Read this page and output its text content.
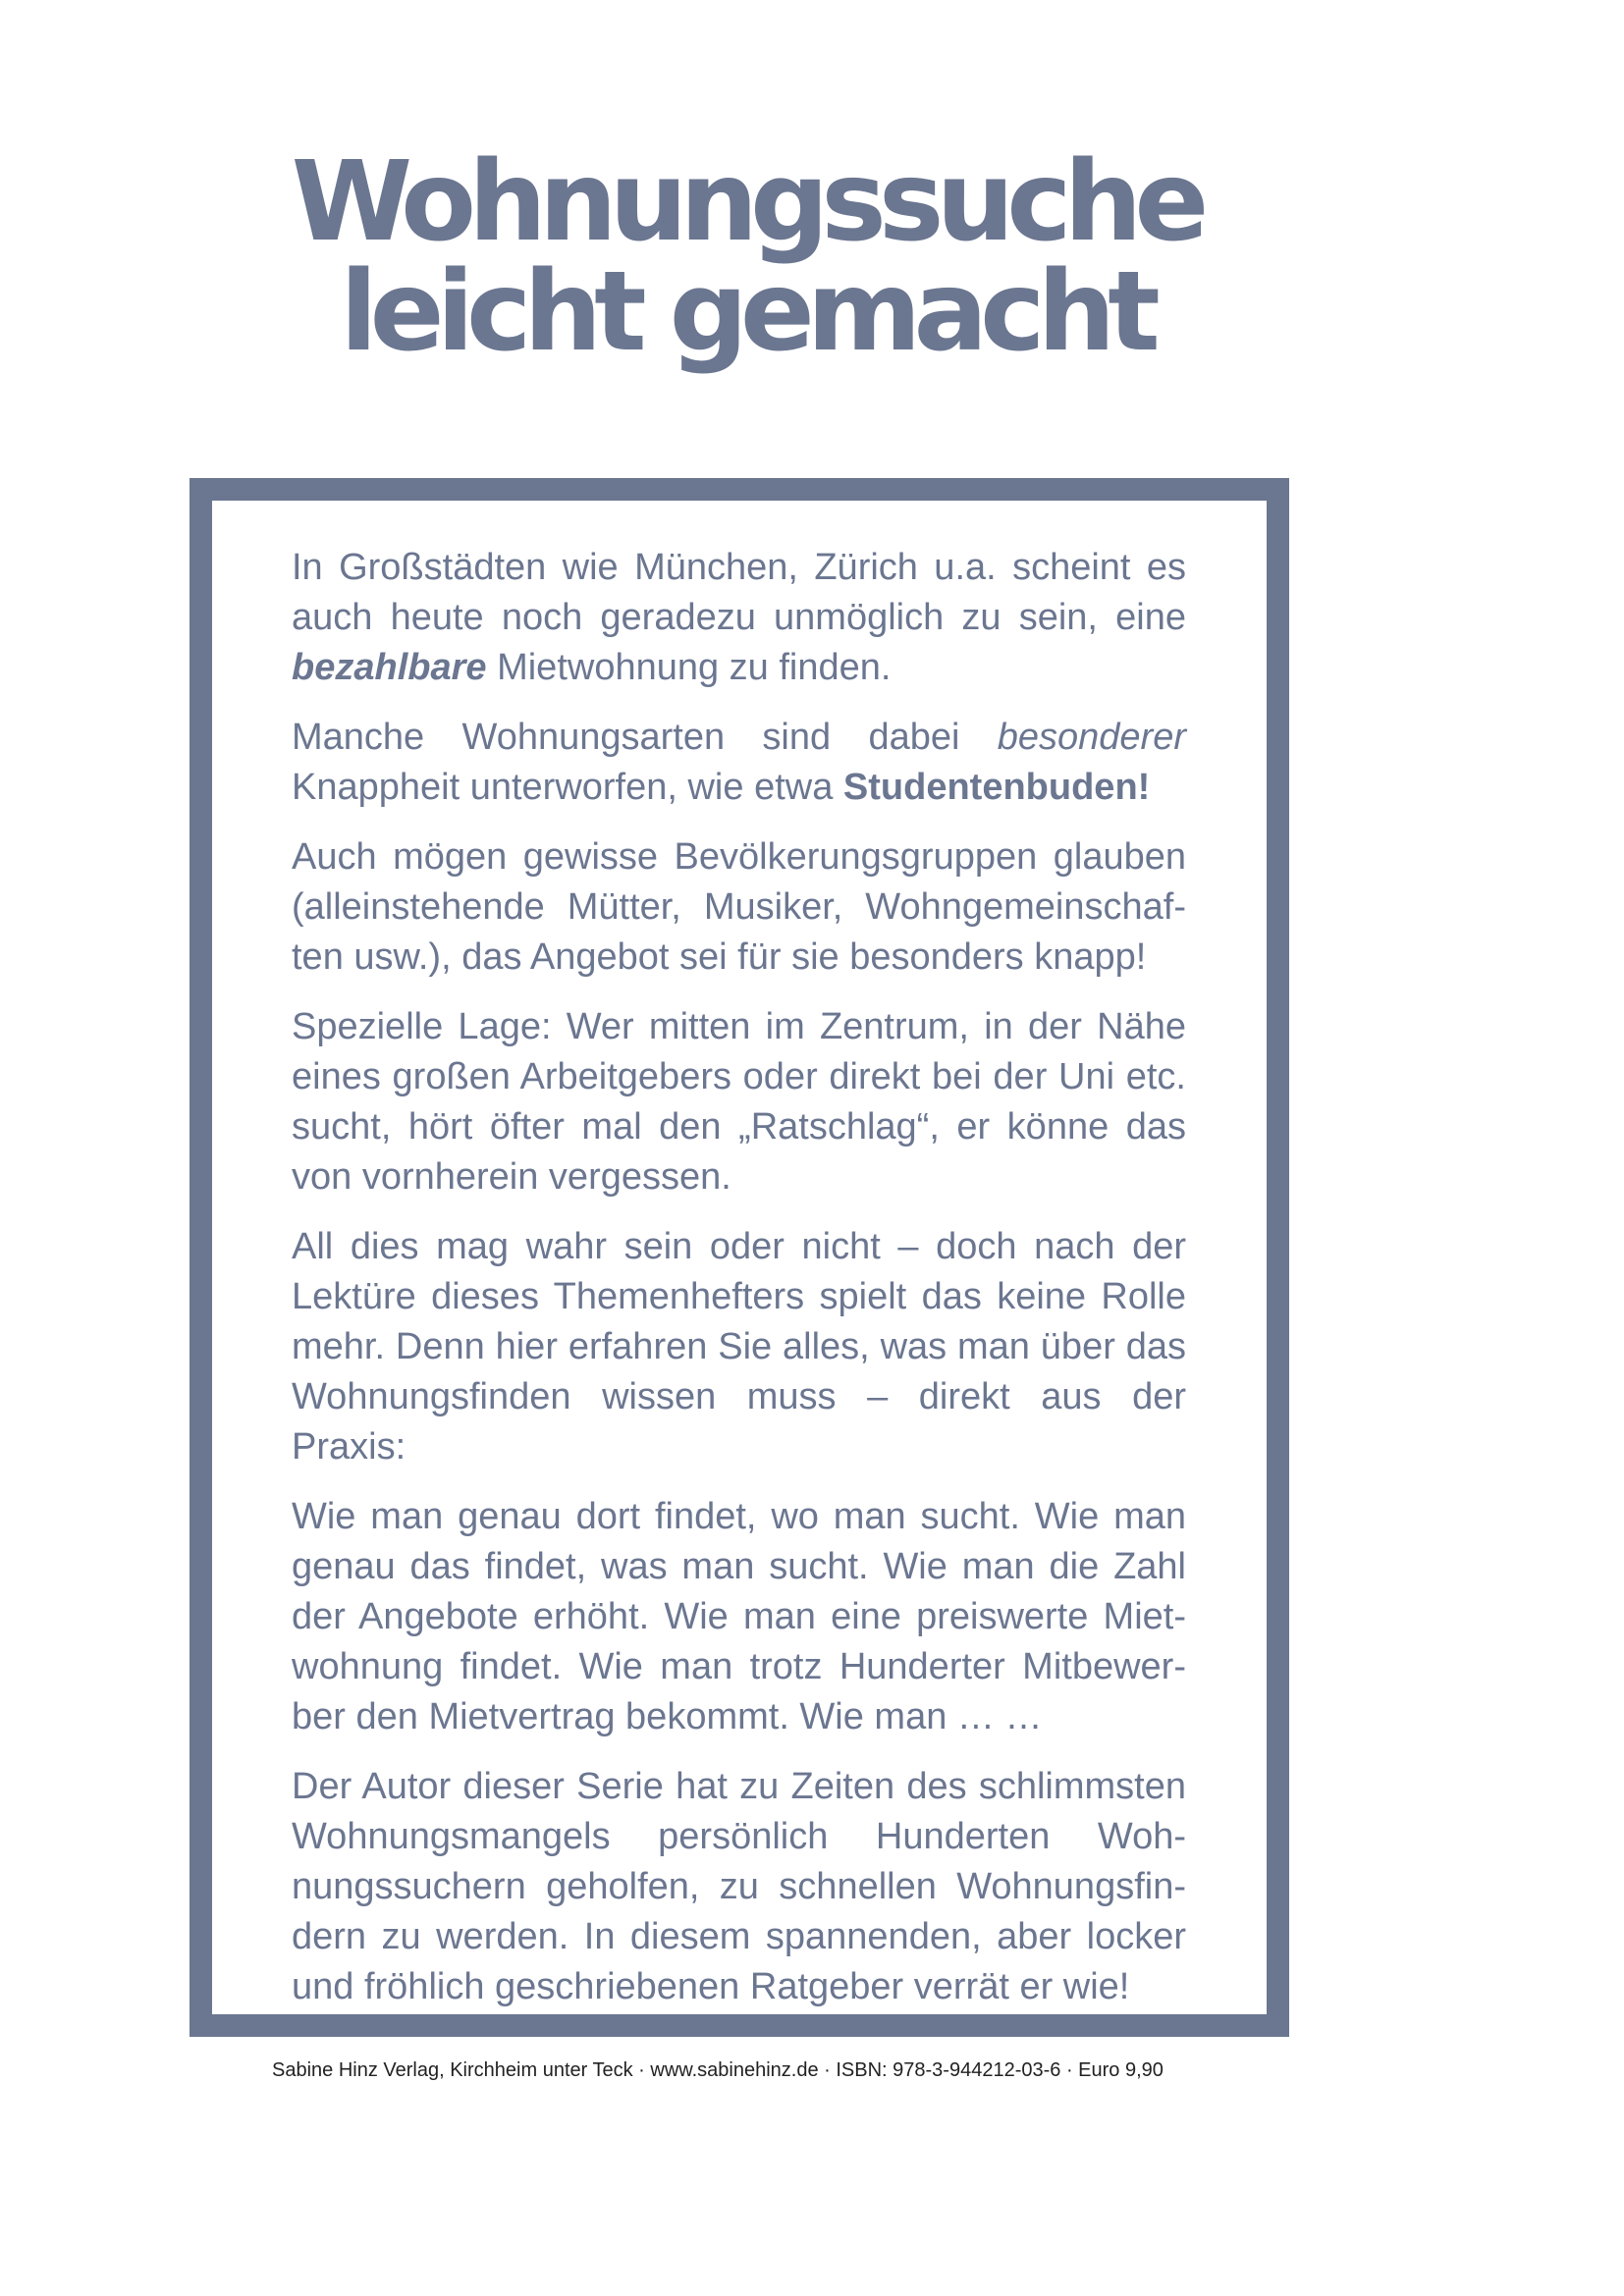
Wohnungssuche
leicht gemacht

In Großstädten wie München, Zürich u.a. scheint es auch heute noch geradezu unmöglich zu sein, eine bezahlbare Mietwohnung zu finden.

Manche Wohnungsarten sind dabei besonderer Knappheit unterworfen, wie etwa Studentenbuden!

Auch mögen gewisse Bevölkerungsgruppen glauben (alleinstehende Mütter, Musiker, Wohngemeinschaften usw.), das Angebot sei für sie besonders knapp!

Spezielle Lage: Wer mitten im Zentrum, in der Nähe eines großen Arbeitgebers oder direkt bei der Uni etc. sucht, hört öfter mal den „Ratschlag“, er könne das von vornherein vergessen.

All dies mag wahr sein oder nicht – doch nach der Lektüre dieses Themenhefters spielt das keine Rolle mehr. Denn hier erfahren Sie alles, was man über das Wohnungsfinden wissen muss – direkt aus der Praxis:

Wie man genau dort findet, wo man sucht. Wie man genau das findet, was man sucht. Wie man die Zahl der Angebote erhöht. Wie man eine preiswerte Mietwohnung findet. Wie man trotz Hunderter Mitbewerber den Mietvertrag bekommt. Wie man … …

Der Autor dieser Serie hat zu Zeiten des schlimmsten Wohnungsmangels persönlich Hunderten Wohnungssuchern geholfen, zu schnellen Wohnungsfindern zu werden. In diesem spannenden, aber locker und fröhlich geschriebenen Ratgeber verrät er wie!

Sabine Hinz Verlag, Kirchheim unter Teck · www.sabinehinz.de · ISBN: 978-3-944212-03-6 · Euro 9,90
